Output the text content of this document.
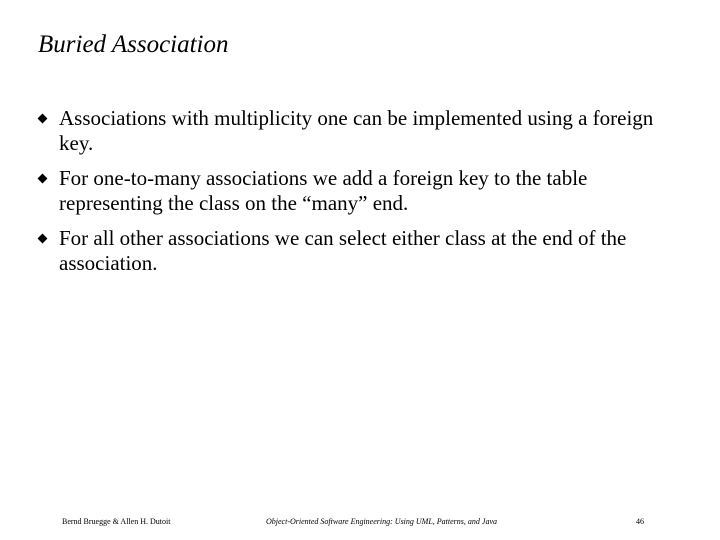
Buried Association
Associations with multiplicity one can be implemented using a foreign key.
For one-to-many associations we add a foreign key to the table representing the class on the “many” end.
For all other associations we can select either class at the end of the association.
Bernd Bruegge & Allen H. Dutoit	Object-Oriented Software Engineering: Using UML, Patterns, and Java	46
